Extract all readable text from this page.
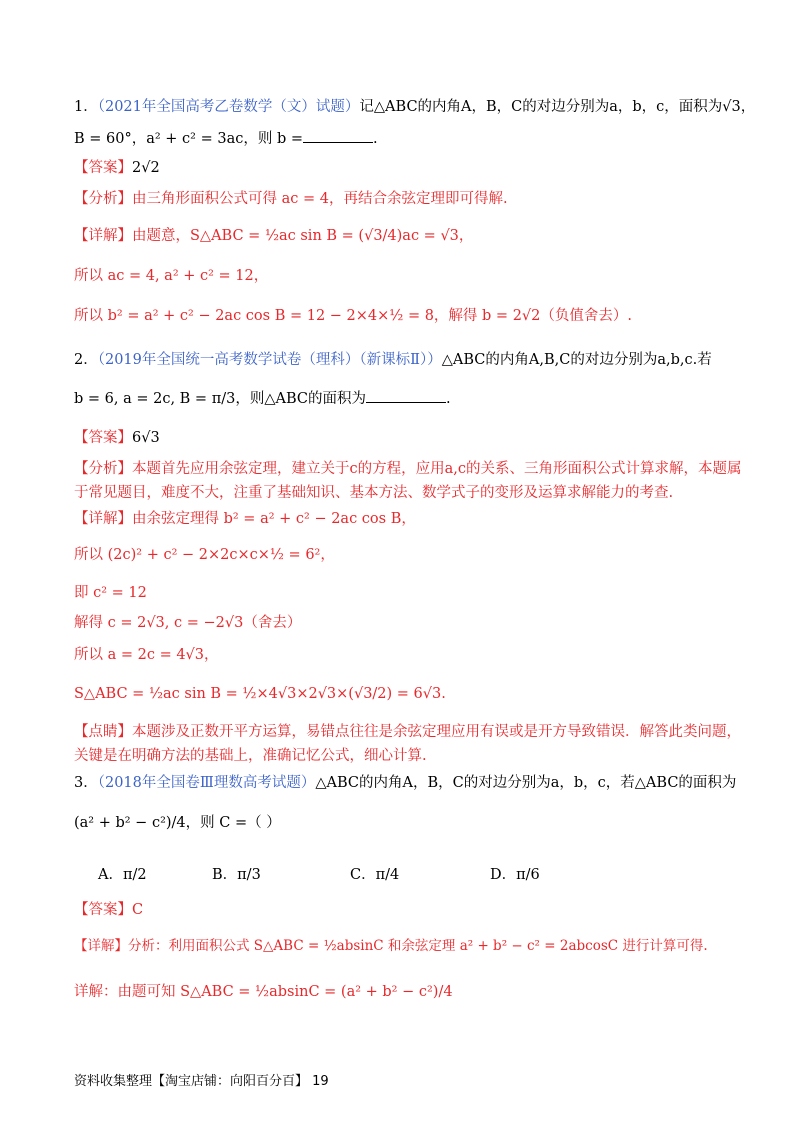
1．（2021年全国高考乙卷数学（文）试题）记△ABC的内角A，B，C的对边分别为a，b，c，面积为√3，
B = 60°，a² + c² = 3ac，则 b =	.
【答案】2√2
【分析】由三角形面积公式可得 ac = 4，再结合余弦定理即可得解.
【详解】由题意，S△ABC = ½ac sin B = (√3/4)ac = √3，
所以 ac = 4, a² + c² = 12，
所以 b² = a² + c² − 2ac cos B = 12 − 2×4×½ = 8，解得 b = 2√2（负值舍去）.
2．（2019年全国统一高考数学试卷（理科）（新课标Ⅱ））△ABC的内角A,B,C的对边分别为a,b,c.若
b = 6, a = 2c, B = π/3，则△ABC的面积为	.
【答案】6√3
【分析】本题首先应用余弦定理，建立关于c的方程，应用a,c的关系、三角形面积公式计算求解，本题属
于常见题目，难度不大，注重了基础知识、基本方法、数学式子的变形及运算求解能力的考查.
【详解】由余弦定理得 b² = a² + c² − 2ac cos B，
所以 (2c)² + c² − 2×2c×c×½ = 6²，
即 c² = 12
解得 c = 2√3, c = −2√3（舍去）
所以 a = 2c = 4√3，
S△ABC = ½ac sin B = ½×4√3×2√3×(√3/2) = 6√3.
【点睛】本题涉及正数开平方运算，易错点往往是余弦定理应用有误或是开方导致错误．解答此类问题，
关键是在明确方法的基础上，准确记忆公式，细心计算.
3．（2018年全国卷Ⅲ理数高考试题）△ABC的内角A，B，C的对边分别为a，b，c，若△ABC的面积为
(a² + b² − c²)/4，则 C =（ ）
A．π/2	B．π/3	C．π/4	D．π/6
【答案】C
【详解】分析：利用面积公式 S△ABC = ½absinC 和余弦定理 a² + b² − c² = 2abcosC 进行计算可得.
详解：由题可知 S△ABC = ½absinC = (a² + b² − c²)/4
资料收集整理【淘宝店铺：向阳百分百】 19
